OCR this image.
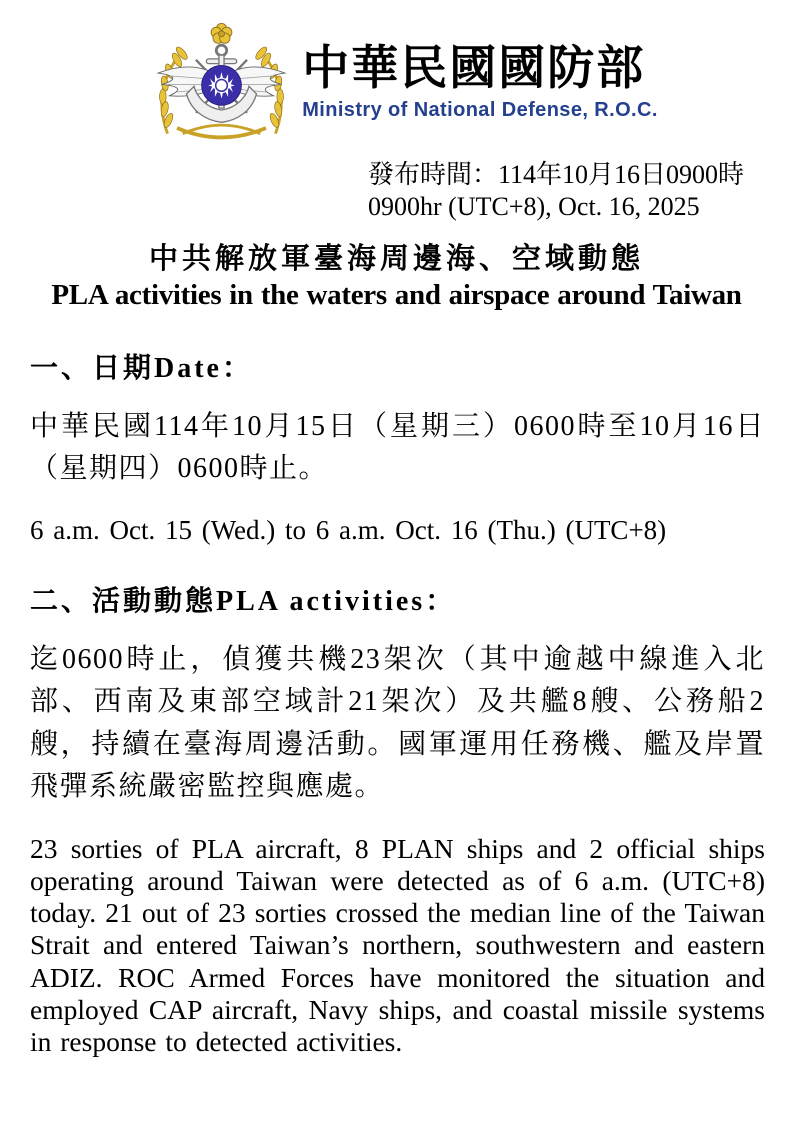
中華民國國防部
Ministry of National Defense, R.O.C.
發布時間：114年10月16日0900時
0900hr (UTC+8), Oct. 16, 2025
中共解放軍臺海周邊海、空域動態
PLA activities in the waters and airspace around Taiwan
一、日期Date：
中華民國114年10月15日（星期三）0600時至10月16日（星期四）0600時止。
6 a.m. Oct. 15 (Wed.) to 6 a.m. Oct. 16 (Thu.) (UTC+8)
二、活動動態PLA activities：
迄0600時止，偵獲共機23架次（其中逾越中線進入北部、西南及東部空域計21架次）及共艦8艘、公務船2艘，持續在臺海周邊活動。國軍運用任務機、艦及岸置飛彈系統嚴密監控與應處。
23 sorties of PLA aircraft, 8 PLAN ships and 2 official ships operating around Taiwan were detected as of 6 a.m. (UTC+8) today. 21 out of 23 sorties crossed the median line of the Taiwan Strait and entered Taiwan’s northern, southwestern and eastern ADIZ. ROC Armed Forces have monitored the situation and employed CAP aircraft, Navy ships, and coastal missile systems in response to detected activities.
